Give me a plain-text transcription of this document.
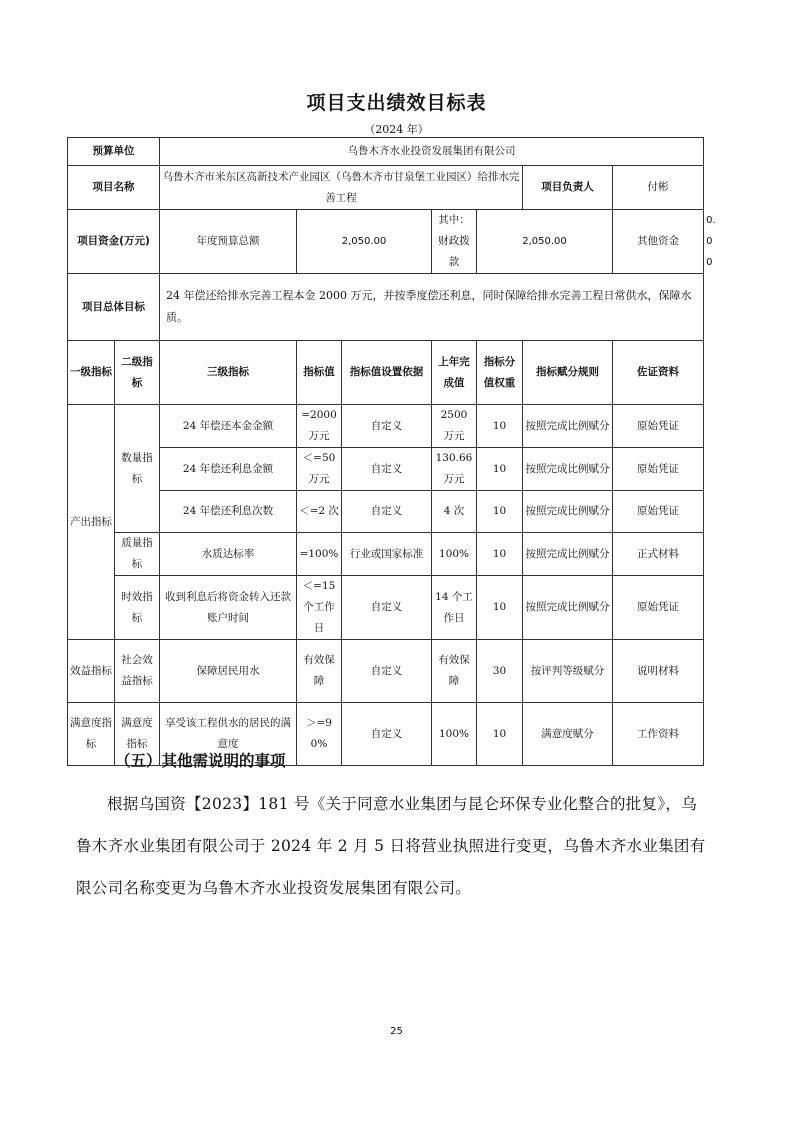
项目支出绩效目标表
（2024 年）
预算单位		乌鲁木齐水业投资发展集团有限公司							
项目名称		乌鲁木齐市米东区高新技术产业园区（乌鲁木齐市甘泉堡工业园区）给排水完善工程					项目负责人	付彬	
项目资金(万元)		年度预算总额	2,050.00		其中：财政拨款	2,050.00		其他资金	0.00
项目总体目标		24 年偿还给排水完善工程本金 2000 万元，并按季度偿还利息，同时保障给排水完善工程日常供水，保障水质。							
一级指标	二级指标	三级指标	指标值	指标值设置依据	上年完成值	指标分值权重	指标赋分规则	佐证资料	
产出指标	数量指标	24 年偿还本金金额	=2000 万元	自定义	2500 万元	10	按照完成比例赋分	原始凭证	
		24 年偿还利息金额	＜=50 万元	自定义	130.66 万元	10	按照完成比例赋分	原始凭证	
		24 年偿还利息次数	＜=2 次	自定义	4 次	10	按照完成比例赋分	原始凭证	
	质量指标	水质达标率	=100%	行业或国家标准	100%	10	按照完成比例赋分	正式材料	
	时效指标	收到利息后将资金转入还款账户时间	＜=15 个工作日	自定义	14 个工作日	10	按照完成比例赋分	原始凭证	
效益指标	社会效益指标	保障居民用水	有效保障	自定义	有效保障	30	按评判等级赋分	说明材料	
满意度指标	满意度指标	享受该工程供水的居民的满意度	＞=90%	自定义	100%	10	满意度赋分	工作资料	
（五）其他需说明的事项
根据乌国资【2023】181 号《关于同意水业集团与昆仑环保专业化整合的批复》，乌鲁木齐水业集团有限公司于 2024 年 2 月 5 日将营业执照进行变更，乌鲁木齐水业集团有限公司名称变更为乌鲁木齐水业投资发展集团有限公司。
25
